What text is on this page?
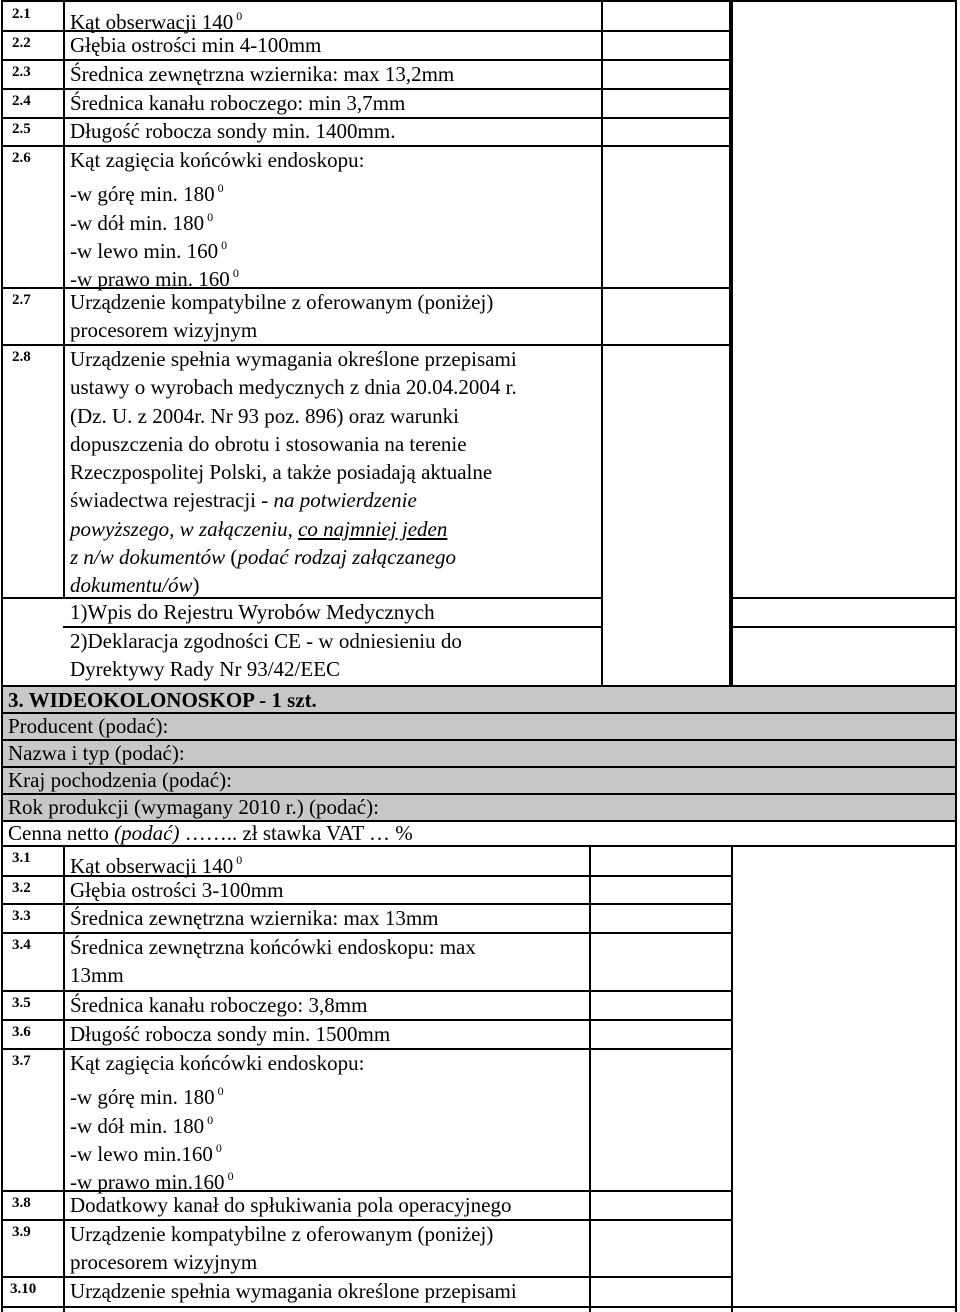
2.1 Kąt obserwacji 140 $^0$
2.2 Głębia ostrości min 4-100mm
2.3 Średnica zewnętrzna wziernika: max 13,2mm
2.4 Średnica kanału roboczego: min 3,7mm
2.5 Długość robocza sondy min. 1400mm.
2.6 Kąt zagięcia końcówki endoskopu:
-w górę min. 180 $^0$
-w dół min. 180 $^0$
-w lewo min. 160 $^0$
-w prawo min. 160 $^0$
2.7 Urządzenie kompatybilne z oferowanym (poniżej)
procesorem wizyjnym
2.8 Urządzenie spełnia wymagania określone przepisami
ustawy o wyrobach medycznych z dnia 20.04.2004 r.
(Dz. U. z 2004r. Nr 93 poz. 896) oraz warunki
dopuszczenia do obrotu i stosowania na terenie
Rzeczpospolitej Polski, a także posiadają aktualne
świadectwa rejestracji - na potwierdzenie
powyższego, w załączeniu, co najmniej jeden
z n/w dokumentów (podać rodzaj załączanego
dokumentu/ów)
1)Wpis do Rejestru Wyrobów Medycznych
2)Deklaracja zgodności CE - w odniesieniu do
Dyrektywy Rady Nr 93/42/EEC
3. WIDEOKOLONOSKOP - 1 szt.
Producent (podać):
Nazwa i typ (podać):
Kraj pochodzenia (podać):
Rok produkcji (wymagany 2010 r.) (podać):
Cenna netto (podać) …….. zł stawka VAT … %
3.1 Kąt obserwacji 140 $^0$
3.2 Głębia ostrości 3-100mm
3.3 Średnica zewnętrzna wziernika: max 13mm
3.4 Średnica zewnętrzna końcówki endoskopu: max
13mm
3.5 Średnica kanału roboczego: 3,8mm
3.6 Długość robocza sondy min. 1500mm
3.7 Kąt zagięcia końcówki endoskopu:
-w górę min. 180 $^0$
-w dół min. 180 $^0$
-w lewo min.160 $^0$
-w prawo min.160 $^0$
3.8 Dodatkowy kanał do spłukiwania pola operacyjnego
3.9 Urządzenie kompatybilne z oferowanym (poniżej)
procesorem wizyjnym
3.10 Urządzenie spełnia wymagania określone przepisami
